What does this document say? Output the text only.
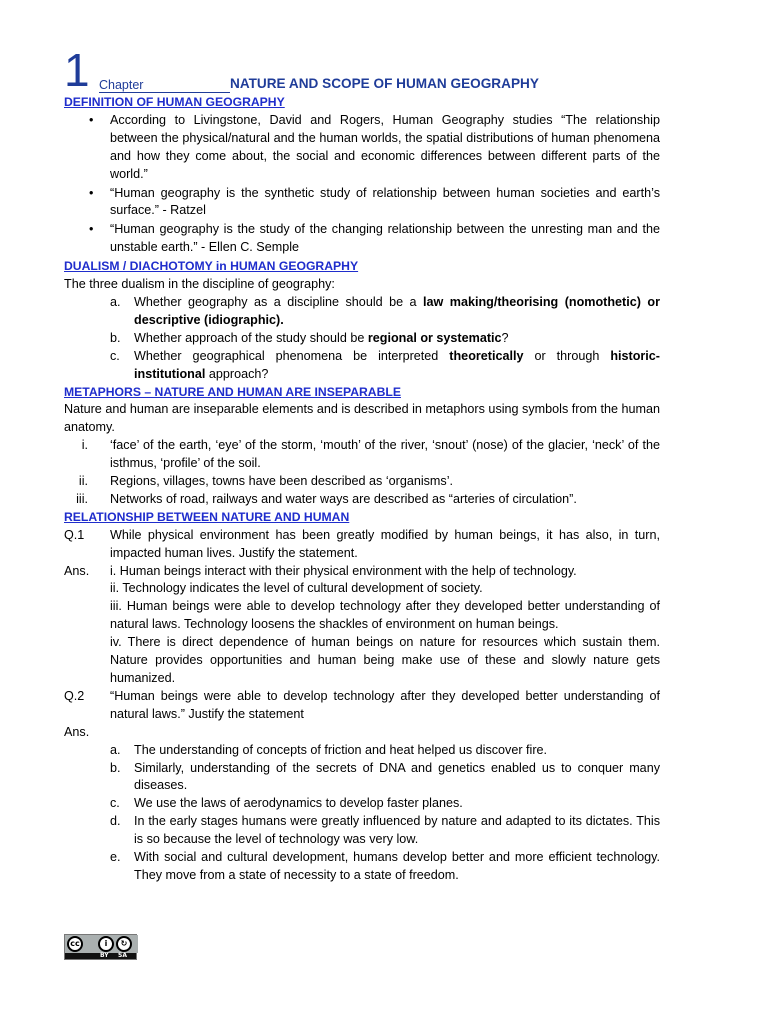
1 Chapter	NATURE AND SCOPE OF HUMAN GEOGRAPHY
DEFINITION OF HUMAN GEOGRAPHY
• According to Livingstone, David and Rogers, Human Geography studies “The relationship between the physical/natural and the human worlds, the spatial distributions of human phenomena and how they come about, the social and economic differences between different parts of the world.”
• “Human geography is the synthetic study of relationship between human societies and earth’s surface.” - Ratzel
• “Human geography is the study of the changing relationship between the unresting man and the unstable earth.” - Ellen C. Semple
DUALISM / DIACHOTOMY in HUMAN GEOGRAPHY

The three dualism in the discipline of geography:

a. Whether geography as a discipline should be a law making/theorising (nomothetic) or descriptive (idiographic).
b. Whether approach of the study should be regional or systematic?
c. Whether geographical phenomena be interpreted theoretically or through historic-institutional approach?
METAPHORS – NATURE AND HUMAN ARE INSEPARABLE

Nature and human are inseparable elements and is described in metaphors using symbols from the human anatomy.

i. ‘face’ of the earth, ‘eye’ of the storm, ‘mouth’ of the river, ‘snout’ (nose) of the glacier, ‘neck’ of the isthmus, ‘profile’ of the soil.
ii. Regions, villages, towns have been described as ‘organisms’.
iii. Networks of road, railways and water ways are described as “arteries of circulation”.
RELATIONSHIP BETWEEN NATURE AND HUMAN
Q.1 While physical environment has been greatly modified by human beings, it has also, in turn, impacted human lives. Justify the statement.
Ans. i. Human beings interact with their physical environment with the help of technology.
ii. Technology indicates the level of cultural development of society.
iii. Human beings were able to develop technology after they developed better understanding of natural laws. Technology loosens the shackles of environment on human beings.
iv. There is direct dependence of human beings on nature for resources which sustain them. Nature provides opportunities and human being make use of these and slowly nature gets humanized.
Q.2 “Human beings were able to develop technology after they developed better understanding of natural laws.” Justify the statement

Ans.

a. The understanding of concepts of friction and heat helped us discover fire.
b. Similarly, understanding of the secrets of DNA and genetics enabled us to conquer many diseases.
c. We use the laws of aerodynamics to develop faster planes.
d. In the early stages humans were greatly influenced by nature and adapted to its dictates. This is so because the level of technology was very low.
e. With social and cultural development, humans develop better and more efficient technology. They move from a state of necessity to a state of freedom.
cc	i	↻
BY SA
